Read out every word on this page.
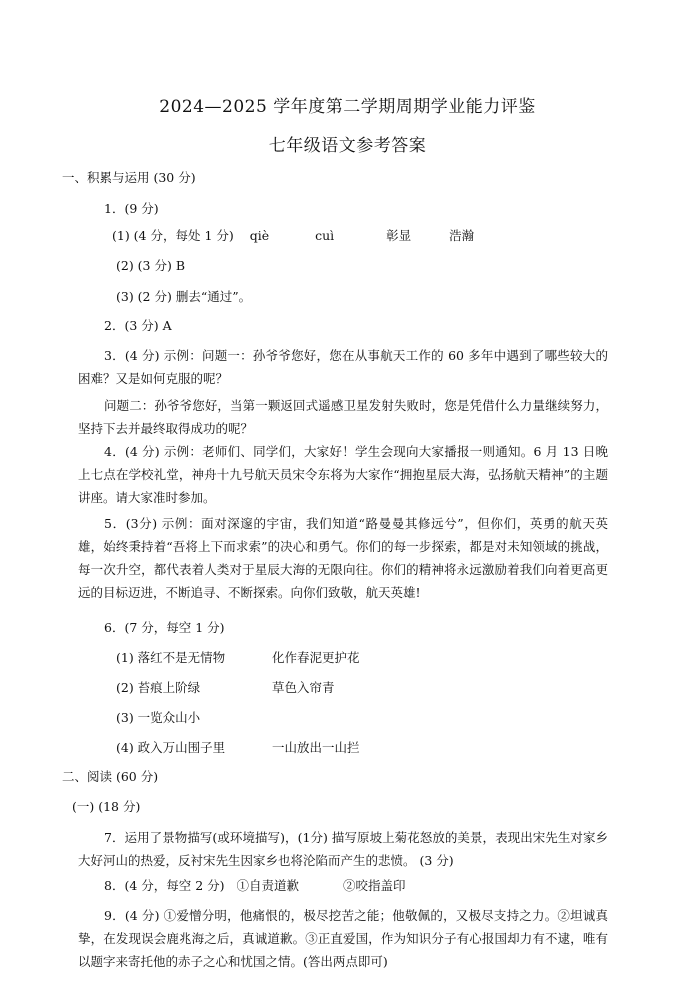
2024—2025 学年度第二学期周期学业能力评鉴
七年级语文参考答案
一、积累与运用 (30 分)
1．(9 分)
(1) (4 分，每处 1 分) qiè	cuì	彰显	浩瀚
(2) (3 分) B
(3) (2 分) 删去“通过”。
2．(3 分) A
3．(4 分) 示例：问题一：孙爷爷您好，您在从事航天工作的 60 多年中遇到了哪些较大的困难？又是如何克服的呢？
问题二：孙爷爷您好，当第一颗返回式遥感卫星发射失败时，您是凭借什么力量继续努力，坚持下去并最终取得成功的呢？
4．(4 分) 示例：老师们、同学们，大家好！学生会现向大家播报一则通知。6 月 13 日晚上七点在学校礼堂，神舟十九号航天员宋令东将为大家作“拥抱星辰大海，弘扬航天精神”的主题讲座。请大家准时参加。
5．(3分) 示例：面对深邃的宇宙，我们知道“路曼曼其修远兮”，但你们，英勇的航天英雄，始终秉持着“吾将上下而求索”的决心和勇气。你们的每一步探索，都是对未知领域的挑战，每一次升空，都代表着人类对于星辰大海的无限向往。你们的精神将永远激励着我们向着更高更远的目标迈进，不断追寻、不断探索。向你们致敬，航天英雄!
6．(7 分，每空 1 分)
(1) 落红不是无情物	化作春泥更护花
(2) 苔痕上阶绿	草色入帘青
(3) 一览众山小
(4) 政入万山围子里	一山放出一山拦
二、阅读 (60 分)
(一) (18 分)
7．运用了景物描写(或环境描写)，(1分) 描写原坡上菊花怒放的美景，表现出宋先生对家乡大好河山的热爱，反衬宋先生因家乡也将沦陷而产生的悲愤。 (3 分)
8．(4 分，每空 2 分) ①自责道歉	②咬指盖印
9．(4 分) ①爱憎分明，他痛恨的，极尽挖苦之能；他敬佩的，又极尽支持之力。②坦诚真挚，在发现误会鹿兆海之后，真诚道歉。③正直爱国，作为知识分子有心报国却力有不逮，唯有以题字来寄托他的赤子之心和忧国之情。(答出两点即可)
